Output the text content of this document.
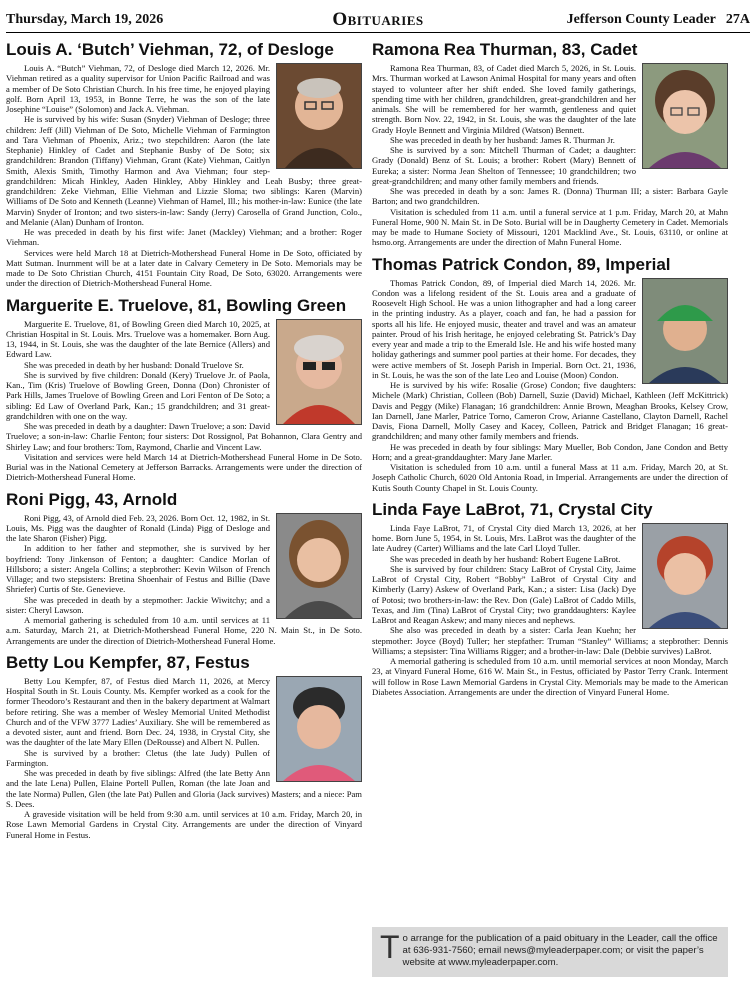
Thursday, March 19, 2026	Obituaries	Jefferson County Leader 27A
Louis A. ‘Butch’ Viehman, 72, of Desloge

Louis A. “Butch” Viehman, 72, of Desloge died March 12, 2026. Mr. Viehman retired as a quality supervisor for Union Pacific Railroad and was a member of De Soto Christian Church. In his free time, he enjoyed playing golf. Born April 13, 1953, in Bonne Terre, he was the son of the late Josephine “Louise” (Solomon) and Jack A. Viehman.

He is survived by his wife: Susan (Snyder) Viehman of Desloge; three children: Jeff (Jill) Viehman of De Soto, Michelle Viehman of Farmington and Tara Viehman of Phoenix, Ariz.; two stepchildren: Aaron (the late Stephanie) Hinkley of Cadet and Stephanie Busby of De Soto; six grandchildren: Brandon (Tiffany) Viehman, Grant (Kate) Viehman, Caitlyn Smith, Alexis Smith, Timothy Harmon and Ava Viehman; four step-grandchildren: Micah Hinkley, Aaden Hinkley, Abby Hinkley and Leah Busby; three great-grandchildren: Zeke Viehman, Ellie Viehman and Lizzie Sloma; two siblings: Karen (Marvin) Williams of De Soto and Kenneth (Leanne) Viehman of Hamel, Ill.; his mother-in-law: Eunice (the late Marvin) Snyder of Ironton; and two sisters-in-law: Sandy (Jerry) Carosella of Grand Junction, Colo., and Melanie (Alan) Dunham of Ironton.

He was preceded in death by his first wife: Janet (Mackley) Viehman; and a brother: Roger Viehman.

Services were held March 18 at Dietrich-Mothershead Funeral Home in De Soto, officiated by Matt Sutman. Inurnment will be at a later date in Calvary Cemetery in De Soto. Memorials may be made to De Soto Christian Church, 4151 Fountain City Road, De Soto, 63020. Arrangements were under the direction of Dietrich-Mothershead Funeral Home.

Marguerite E. Truelove, 81, Bowling Green

Marguerite E. Truelove, 81, of Bowling Green died March 10, 2025, at Christian Hospital in St. Louis. Mrs. Truelove was a homemaker. Born Aug. 13, 1944, in St. Louis, she was the daughter of the late Bernice (Allers) and Edward Law.

She was preceded in death by her husband: Donald Truelove Sr.

She is survived by five children: Donald (Kery) Truelove Jr. of Paola, Kan., Tim (Kris) Truelove of Bowling Green, Donna (Don) Chronister of Park Hills, James Truelove of Bowling Green and Lori Fenton of De Soto; a sibling: Ed Law of Overland Park, Kan.; 15 grandchildren; and 31 great-grandchildren with one on the way.

She was preceded in death by a daughter: Dawn Truelove; a son: David Truelove; a son-in-law: Charlie Fenton; four sisters: Dot Rossignol, Pat Bohannon, Clara Gentry and Shirley Law; and four brothers: Tom, Raymond, Charlie and Vincent Law.

Visitation and services were held March 14 at Dietrich-Mothershead Funeral Home in De Soto. Burial was in the National Cemetery at Jefferson Barracks. Arrangements were under the direction of Dietrich-Mothershead Funeral Home.

Roni Pigg, 43, Arnold

Roni Pigg, 43, of Arnold died Feb. 23, 2026. Born Oct. 12, 1982, in St. Louis, Ms. Pigg was the daughter of Ronald (Linda) Pigg of Desloge and the late Sharon (Fisher) Pigg.

In addition to her father and stepmother, she is survived by her boyfriend: Tony Jinkenson of Fenton; a daughter: Candice Morlan of Hillsboro; a sister: Angela Collins; a stepbrother: Kevin Wilson of French Village; and two stepsisters: Bretina Shoenhair of Festus and Billie (Dave Shriefer) Curtis of Ste. Genevieve.

She was preceded in death by a stepmother: Jackie Wiwitchy; and a sister: Cheryl Lawson.

A memorial gathering is scheduled from 10 a.m. until services at 11 a.m. Saturday, March 21, at Dietrich-Mothershead Funeral Home, 220 N. Main St., in De Soto. Arrangements are under the direction of Dietrich-Mothershead Funeral Home.

Betty Lou Kempfer, 87, Festus

Betty Lou Kempfer, 87, of Festus died March 11, 2026, at Mercy Hospital South in St. Louis County. Ms. Kempfer worked as a cook for the former Theodoro’s Restaurant and then in the bakery department at Walmart before retiring. She was a member of Wesley Memorial United Methodist Church and of the VFW 3777 Ladies’ Auxiliary. She will be remembered as a devoted sister, aunt and friend. Born Dec. 24, 1938, in Crystal City, she was the daughter of the late Mary Ellen (DeRousse) and Albert N. Pullen.

She is survived by a brother: Cletus (the late Judy) Pullen of Farmington.

She was preceded in death by five siblings: Alfred (the late Betty Ann and the late Lena) Pullen, Elaine Portell Pullen, Roman (the late Joan and the late Norma) Pullen, Glen (the late Pat) Pullen and Gloria (Jack survives) Masters; and a niece: Pam S. Dees.

A graveside visitation will be held from 9:30 a.m. until services at 10 a.m. Friday, March 20, in Rose Lawn Memorial Gardens in Crystal City. Arrangements are under the direction of Vinyard Funeral Home in Festus.

Ramona Rea Thurman, 83, Cadet

Ramona Rea Thurman, 83, of Cadet died March 5, 2026, in St. Louis. Mrs. Thurman worked at Lawson Animal Hospital for many years and often stayed to volunteer after her shift ended. She loved family gatherings, spending time with her children, grandchildren, great-grandchildren and her animals. She will be remembered for her warmth, gentleness and quiet strength. Born Nov. 22, 1942, in St. Louis, she was the daughter of the late Grady Hoyle Bennett and Virginia Mildred (Watson) Bennett.

She was preceded in death by her husband: James R. Thurman Jr.

She is survived by a son: Mitchell Thurman of Cadet; a daughter: Grady (Donald) Benz of St. Louis; a brother: Robert (Mary) Bennett of Eureka; a sister: Norma Jean Shelton of Tennessee; 10 grandchildren; two great-grandchildren; and many other family members and friends.

She was preceded in death by a son: James R. (Donna) Thurman III; a sister: Barbara Gayle Barton; and two grandchildren.

Visitation is scheduled from 11 a.m. until a funeral service at 1 p.m. Friday, March 20, at Mahn Funeral Home, 900 N. Main St. in De Soto. Burial will be in Daugherty Cemetery in Cadet. Memorials may be made to Humane Society of Missouri, 1201 Macklind Ave., St. Louis, 63110, or online at hsmo.org. Arrangements are under the direction of Mahn Funeral Home.

Thomas Patrick Condon, 89, Imperial

Thomas Patrick Condon, 89, of Imperial died March 14, 2026. Mr. Condon was a lifelong resident of the St. Louis area and a graduate of Roosevelt High School. He was a union lithographer and had a long career in the printing industry. As a player, coach and fan, he had a passion for sports all his life. He enjoyed music, theater and travel and was an amateur painter. Proud of his Irish heritage, he enjoyed celebrating St. Patrick’s Day every year and made a trip to the Emerald Isle. He and his wife hosted many holiday gatherings and summer pool parties at their home. For decades, they were active members of St. Joseph Parish in Imperial. Born Oct. 21, 1936, in St. Louis, he was the son of the late Leo and Louise (Moon) Condon.

He is survived by his wife: Rosalie (Grose) Condon; five daughters: Michele (Mark) Christian, Colleen (Bob) Darnell, Suzie (David) Michael, Kathleen (Jeff McKittrick) Davis and Peggy (Mike) Flanagan; 16 grandchildren: Annie Brown, Meaghan Brooks, Kelsey Crow, Ian Darnell, Jane Marler, Patrice Torno, Cameron Crow, Arianne Castellano, Clayton Darnell, Rachel Davis, Fiona Darnell, Molly Casey and Kacey, Colleen, Patrick and Bridget Flanagan; 16 great-grandchildren; and many other family members and friends.

He was preceded in death by four siblings: Mary Mueller, Bob Condon, Jane Condon and Betty Horn; and a great-granddaughter: Mary Jane Marler.

Visitation is scheduled from 10 a.m. until a funeral Mass at 11 a.m. Friday, March 20, at St. Joseph Catholic Church, 6020 Old Antonia Road, in Imperial. Arrangements are under the direction of Kutis South County Chapel in St. Louis County.

Linda Faye LaBrot, 71, Crystal City

Linda Faye LaBrot, 71, of Crystal City died March 13, 2026, at her home. Born June 5, 1954, in St. Louis, Mrs. LaBrot was the daughter of the late Audrey (Carter) Williams and the late Carl Lloyd Tuller.

She was preceded in death by her husband: Robert Eugene LaBrot.

She is survived by four children: Stacy LaBrot of Crystal City, Jaime LaBrot of Crystal City, Robert “Bobby” LaBrot of Crystal City and Kimberly (Larry) Askew of Overland Park, Kan.; a sister: Lisa (Jack) Dye of Potosi; two brothers-in-law: the Rev. Don (Gale) LaBrot of Caddo Mills, Texas, and Jim (Tina) LaBrot of Crystal City; two granddaughters: Kaylee LaBrot and Reagan Askew; and many nieces and nephews.

She also was preceded in death by a sister: Carla Jean Kuehn; her stepmother: Joyce (Boyd) Tuller; her stepfather: Truman “Stanley” Williams; a stepbrother: Dennis Williams; a stepsister: Tina Williams Rigger; and a brother-in-law: Dale (Debbie survives) LaBrot.

A memorial gathering is scheduled from 10 a.m. until memorial services at noon Monday, March 23, at Vinyard Funeral Home, 616 W. Main St., in Festus, officiated by Pastor Terry Crank. Interment will follow in Rose Lawn Memorial Gardens in Crystal City. Memorials may be made to the American Diabetes Association. Arrangements are under the direction of Vinyard Funeral Home.

T o arrange for the publication of a paid obituary in the Leader, call the office at 636-931-7560; email news@myleaderpaper.com; or visit the paper’s website at www.myleaderpaper.com.
